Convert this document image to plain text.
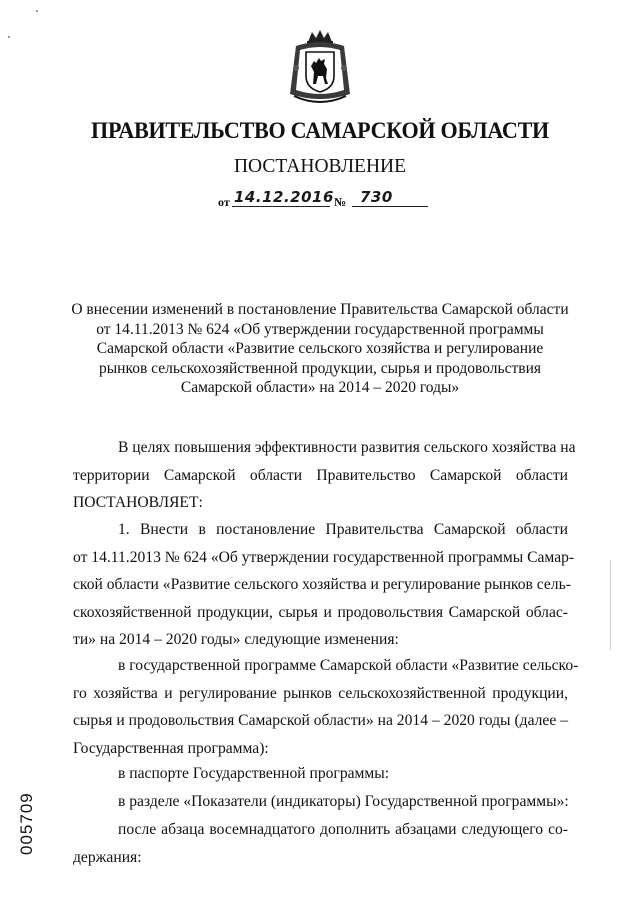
ПРАВИТЕЛЬСТВО САМАРСКОЙ ОБЛАСТИ
ПОСТАНОВЛЕНИЕ
от 14.12.2016 № 730
О внесении изменений в постановление Правительства Самарской области
от 14.11.2013 № 624 «Об утверждении государственной программы
Самарской области «Развитие сельского хозяйства и регулирование
рынков сельскохозяйственной продукции, сырья и продовольствия
Самарской области» на 2014 – 2020 годы»
В целях повышения эффективности развития сельского хозяйства на
территории Самарской области Правительство Самарской области
ПОСТАНОВЛЯЕТ:
1. Внести в постановление Правительства Самарской области
от 14.11.2013 № 624 «Об утверждении государственной программы Самар-
ской области «Развитие сельского хозяйства и регулирование рынков сель-
скохозяйственной продукции, сырья и продовольствия Самарской облас-
ти» на 2014 – 2020 годы» следующие изменения:
в государственной программе Самарской области «Развитие сельско-
го хозяйства и регулирование рынков сельскохозяйственной продукции,
сырья и продовольствия Самарской области» на 2014 – 2020 годы (далее –
Государственная программа):
в паспорте Государственной программы:
в разделе «Показатели (индикаторы) Государственной программы»:
после абзаца восемнадцатого дополнить абзацами следующего со-
держания:
005709
